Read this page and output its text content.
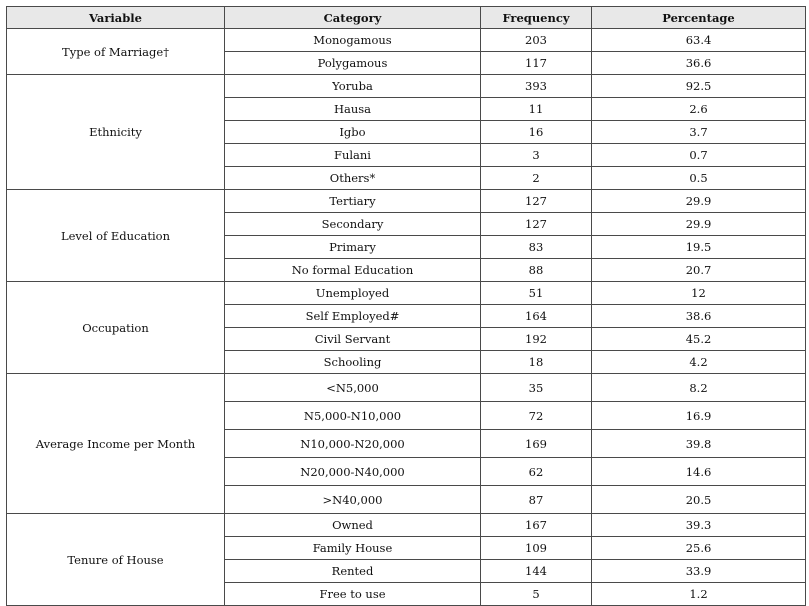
Variable	Category	Frequency	Percentage
Type of Marriage†	Monogamous	203	63.4
	Polygamous	117	36.6
Ethnicity	Yoruba	393	92.5
	Hausa	11	2.6
	Igbo	16	3.7
	Fulani	3	0.7
	Others*	2	0.5
Level of Education	Tertiary	127	29.9
	Secondary	127	29.9
	Primary	83	19.5
	No formal Education	88	20.7
Occupation	Unemployed	51	12
	Self Employed#	164	38.6
	Civil Servant	192	45.2
	Schooling	18	4.2
Average Income per Month	<N5,000	35	8.2
	N5,000-N10,000	72	16.9
	N10,000-N20,000	169	39.8
	N20,000-N40,000	62	14.6
	>N40,000	87	20.5
Tenure of House	Owned	167	39.3
	Family House	109	25.6
	Rented	144	33.9
	Free to use	5	1.2
